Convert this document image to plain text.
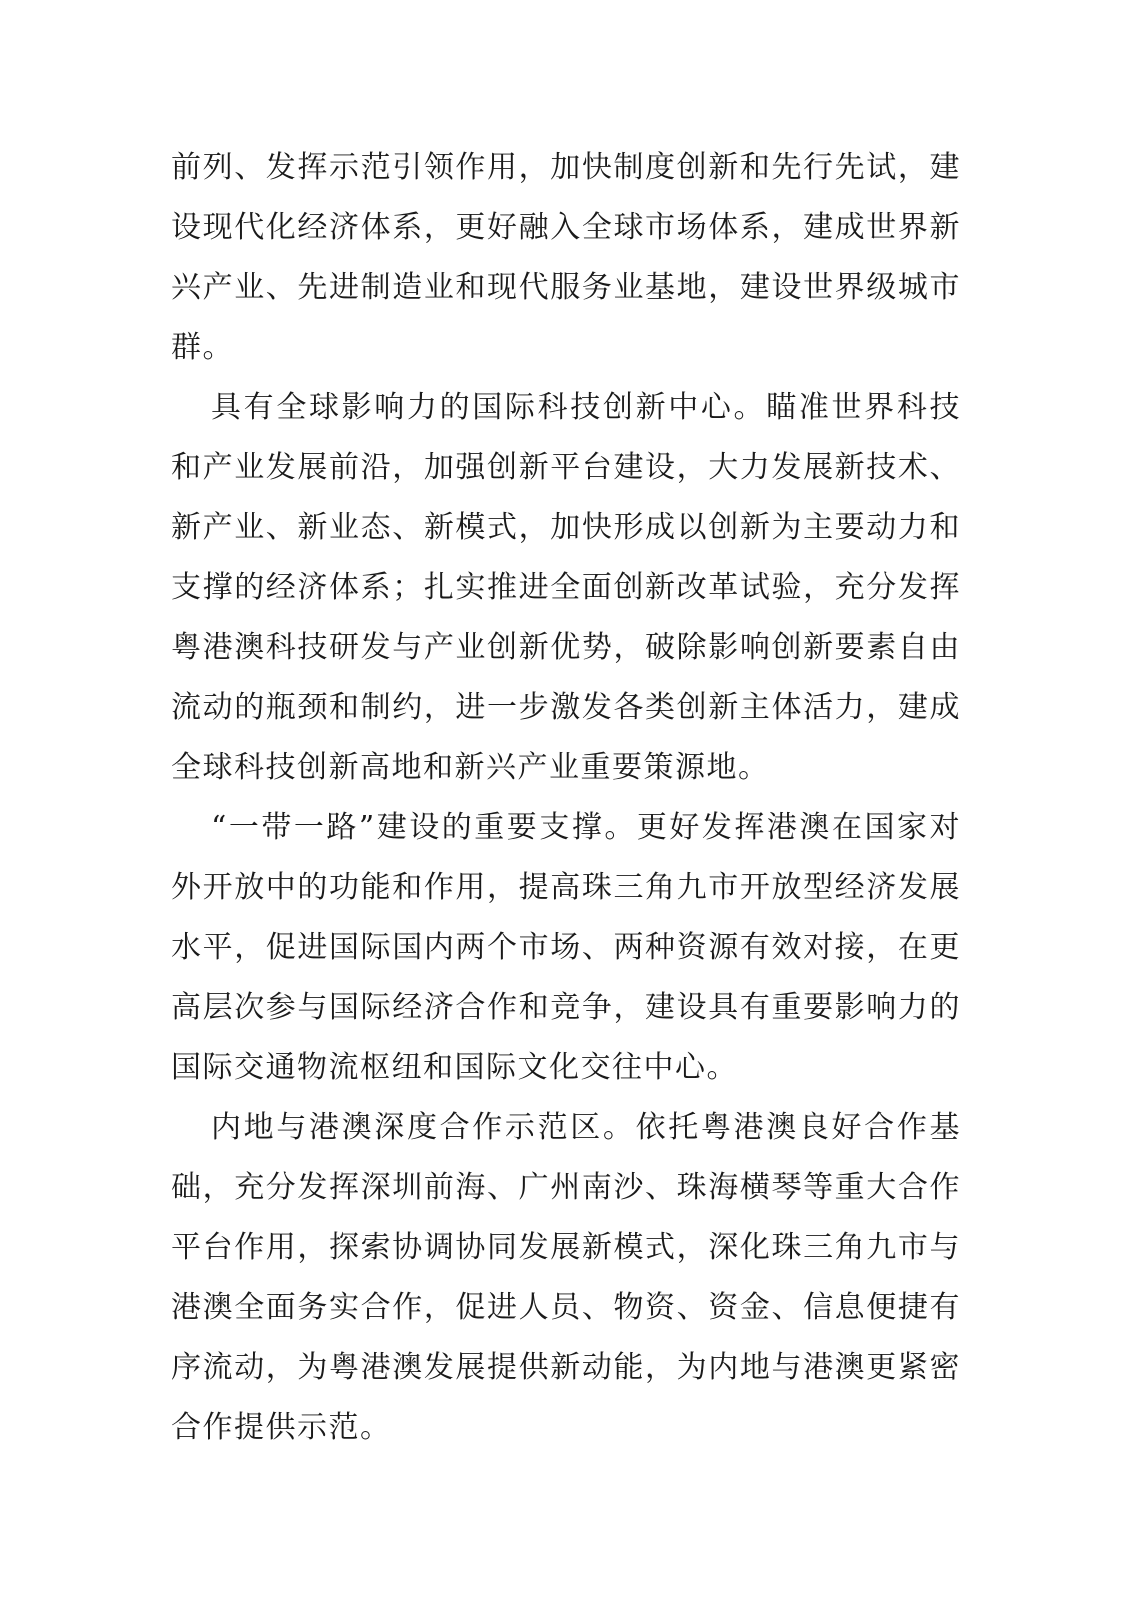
前列、发挥示范引领作用，加快制度创新和先行先试，建设现代化经济体系，更好融入全球市场体系，建成世界新兴产业、先进制造业和现代服务业基地，建设世界级城市群。

具有全球影响力的国际科技创新中心。瞄准世界科技和产业发展前沿，加强创新平台建设，大力发展新技术、新产业、新业态、新模式，加快形成以创新为主要动力和支撑的经济体系；扎实推进全面创新改革试验，充分发挥粤港澳科技研发与产业创新优势，破除影响创新要素自由流动的瓶颈和制约，进一步激发各类创新主体活力，建成全球科技创新高地和新兴产业重要策源地。

“一带一路”建设的重要支撑。更好发挥港澳在国家对外开放中的功能和作用，提高珠三角九市开放型经济发展水平，促进国际国内两个市场、两种资源有效对接，在更高层次参与国际经济合作和竞争，建设具有重要影响力的国际交通物流枢纽和国际文化交往中心。

内地与港澳深度合作示范区。依托粤港澳良好合作基础，充分发挥深圳前海、广州南沙、珠海横琴等重大合作平台作用，探索协调协同发展新模式，深化珠三角九市与港澳全面务实合作，促进人员、物资、资金、信息便捷有序流动，为粤港澳发展提供新动能，为内地与港澳更紧密合作提供示范。
